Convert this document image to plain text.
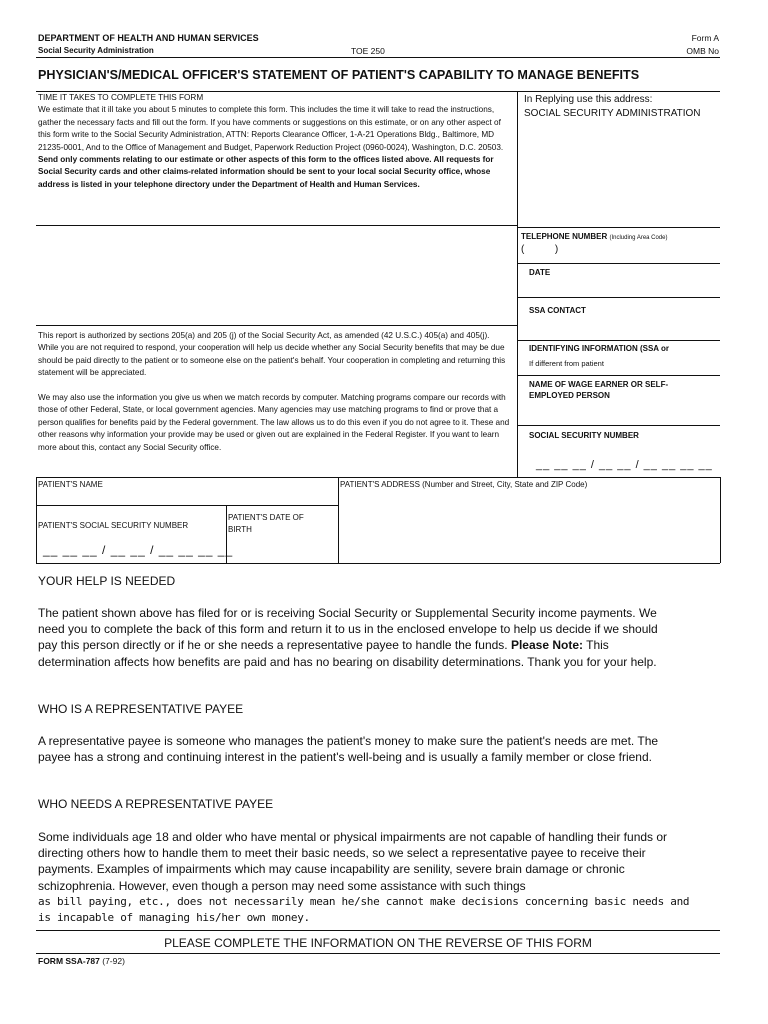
DEPARTMENT OF HEALTH AND HUMAN SERVICES
Social Security Administration	TOE 250
Form A
OMB No
PHYSICIAN'S/MEDICAL OFFICER'S STATEMENT OF PATIENT'S CAPABILITY TO MANAGE BENEFITS
TIME IT TAKES TO COMPLETE THIS FORM
We estimate that it ill take you about 5 minutes to complete this form. This includes the time it will take to read the instructions, gather the necessary facts and fill out the form. If you have comments or suggestions on this estimate, or on any other aspect of this form write to the Social Security Administration, ATTN: Reports Clearance Officer, 1-A-21 Operations Bldg., Baltimore, MD 21235-0001, And to the Office of Management and Budget, Paperwork Reduction Project (0960-0024), Washington, D.C. 20503. Send only comments relating to our estimate or other aspects of this form to the offices listed above. All requests for Social Security cards and other claims-related information should be sent to your local social Security office, whose address is listed in your telephone directory under the Department of Health and Human Services.
In Replying use this address:
SOCIAL SECURITY ADMINISTRATION
TELEPHONE NUMBER (Including Area Code)
(           )
DATE
SSA CONTACT
IDENTIFYING INFORMATION (SSA or
If different from patient
NAME OF WAGE EARNER OR SELF-EMPLOYED PERSON
SOCIAL SECURITY NUMBER
__ __ __ / __ __ / __ __ __ __
This report is authorized by sections 205(a) and 205 (j) of the Social Security Act, as amended (42 U.S.C.) 405(a) and 405(j). While you are not required to respond, your cooperation will help us decide whether any Social Security benefits that may be due should be paid directly to the patient or to someone else on the patient's behalf. Your cooperation in completing and returning this statement will be appreciated.
We may also use the information you give us when we match records by computer. Matching programs compare our records with those of other Federal, State, or local government agencies. Many agencies may use matching programs to find or prove that a person qualifies for benefits paid by the Federal government. The law allows us to do this even if you do not agree to it. These and other reasons why information your provide may be used or given out are explained in the Federal Register. If you want to learn more about this, contact any Social Security office.
PATIENT'S NAME	PATIENT'S ADDRESS (Number and Street, City, State and ZIP Code)
PATIENT'S SOCIAL SECURITY NUMBER
PATIENT'S DATE OF BIRTH
__ __ __ / __ __ / __ __ __ __
YOUR HELP IS NEEDED
The patient shown above has filed for or is receiving Social Security or Supplemental Security income payments. We need you to complete the back of this form and return it to us in the enclosed envelope to help us decide if we should pay this person directly or if he or she needs a representative payee to handle the funds. Please Note: This determination affects how benefits are paid and has no bearing on disability determinations. Thank you for your help.
WHO IS A REPRESENTATIVE PAYEE
A representative payee is someone who manages the patient's money to make sure the patient's needs are met. The payee has a strong and continuing interest in the patient's well-being and is usually a family member or close friend.
WHO NEEDS A REPRESENTATIVE PAYEE
Some individuals age 18 and older who have mental or physical impairments are not capable of handling their funds or directing others how to handle them to meet their basic needs, so we select a representative payee to receive their payments. Examples of impairments which may cause incapability are senility, severe brain damage or chronic schizophrenia. However, even though a person may need some assistance with such things
as bill paying, etc., does not necessarily mean he/she cannot make decisions concerning basic needs and is incapable of managing his/her own money.
PLEASE COMPLETE THE INFORMATION ON THE REVERSE OF THIS FORM
FORM SSA-787 (7-92)
